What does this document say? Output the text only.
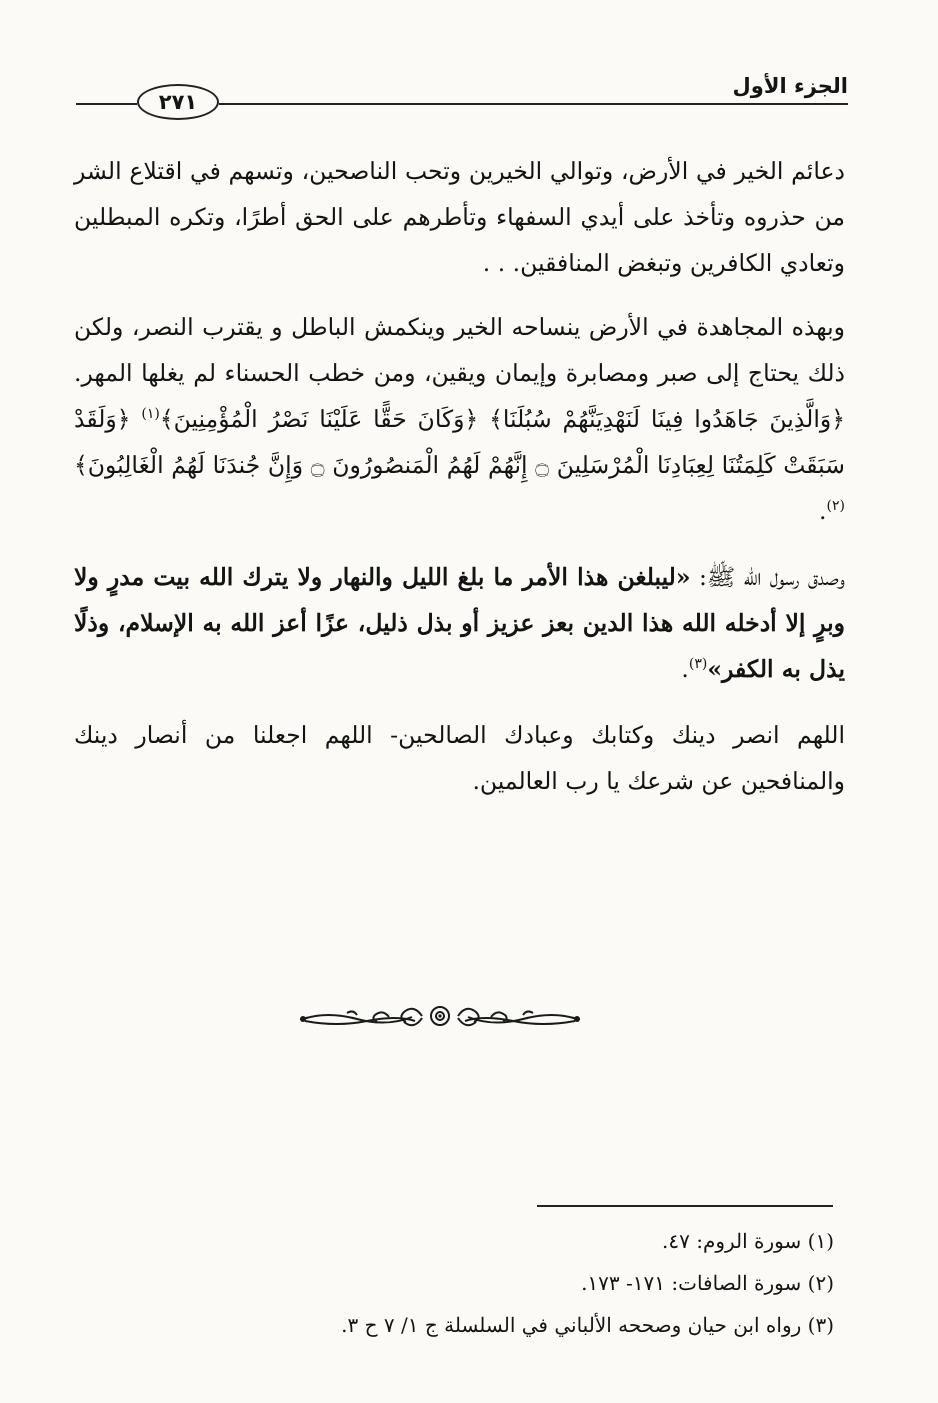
الجزء الأول
٢٧١

دعائم الخير في الأرض، وتوالي الخيرين وتحب الناصحين، وتسهم في اقتلاع الشر من حذروه وتأخذ على أيدي السفهاء وتأطرهم على الحق أطرًا، وتكره المبطلين وتعادي الكافرين وتبغض المنافقين. . .

وبهذه المجاهدة في الأرض ينساحه الخير وينكمش الباطل و يقترب النصر، ولكن ذلك يحتاج إلى صبر ومصابرة وإيمان ويقين، ومن خطب الحسناء لم يغلها المهر. ﴿وَالَّذِينَ جَاهَدُوا فِينَا لَنَهْدِيَنَّهُمْ سُبُلَنَا﴾ ﴿وَكَانَ حَقًّا عَلَيْنَا نَصْرُ الْمُؤْمِنِينَ﴾$^{(١)}$ ﴿وَلَقَدْ سَبَقَتْ كَلِمَتُنَا لِعِبَادِنَا الْمُرْسَلِينَ ۝ إِنَّهُمْ لَهُمُ الْمَنصُورُونَ ۝ وَإِنَّ جُندَنَا لَهُمُ الْغَالِبُونَ﴾$^{(٢)}$.

وصدق رسول الله ﷺ: «ليبلغن هذا الأمر ما بلغ الليل والنهار ولا يترك الله بيت مدرٍ ولا وبرٍ إلا أدخله الله هذا الدين بعز عزيز أو بذل ذليل، عزًا أعز الله به الإسلام، وذلًا يذل به الكفر»$^{(٣)}$.

اللهم انصر دينك وكتابك وعبادك الصالحين- اللهم اجعلنا من أنصار دينك والمنافحين عن شرعك يا رب العالمين.

(١) سورة الروم: ٤٧.
(٢) سورة الصافات: ١٧١- ١٧٣.
(٣) رواه ابن حيان وصححه الألباني في السلسلة ج ١/ ٧ ح ٣.
